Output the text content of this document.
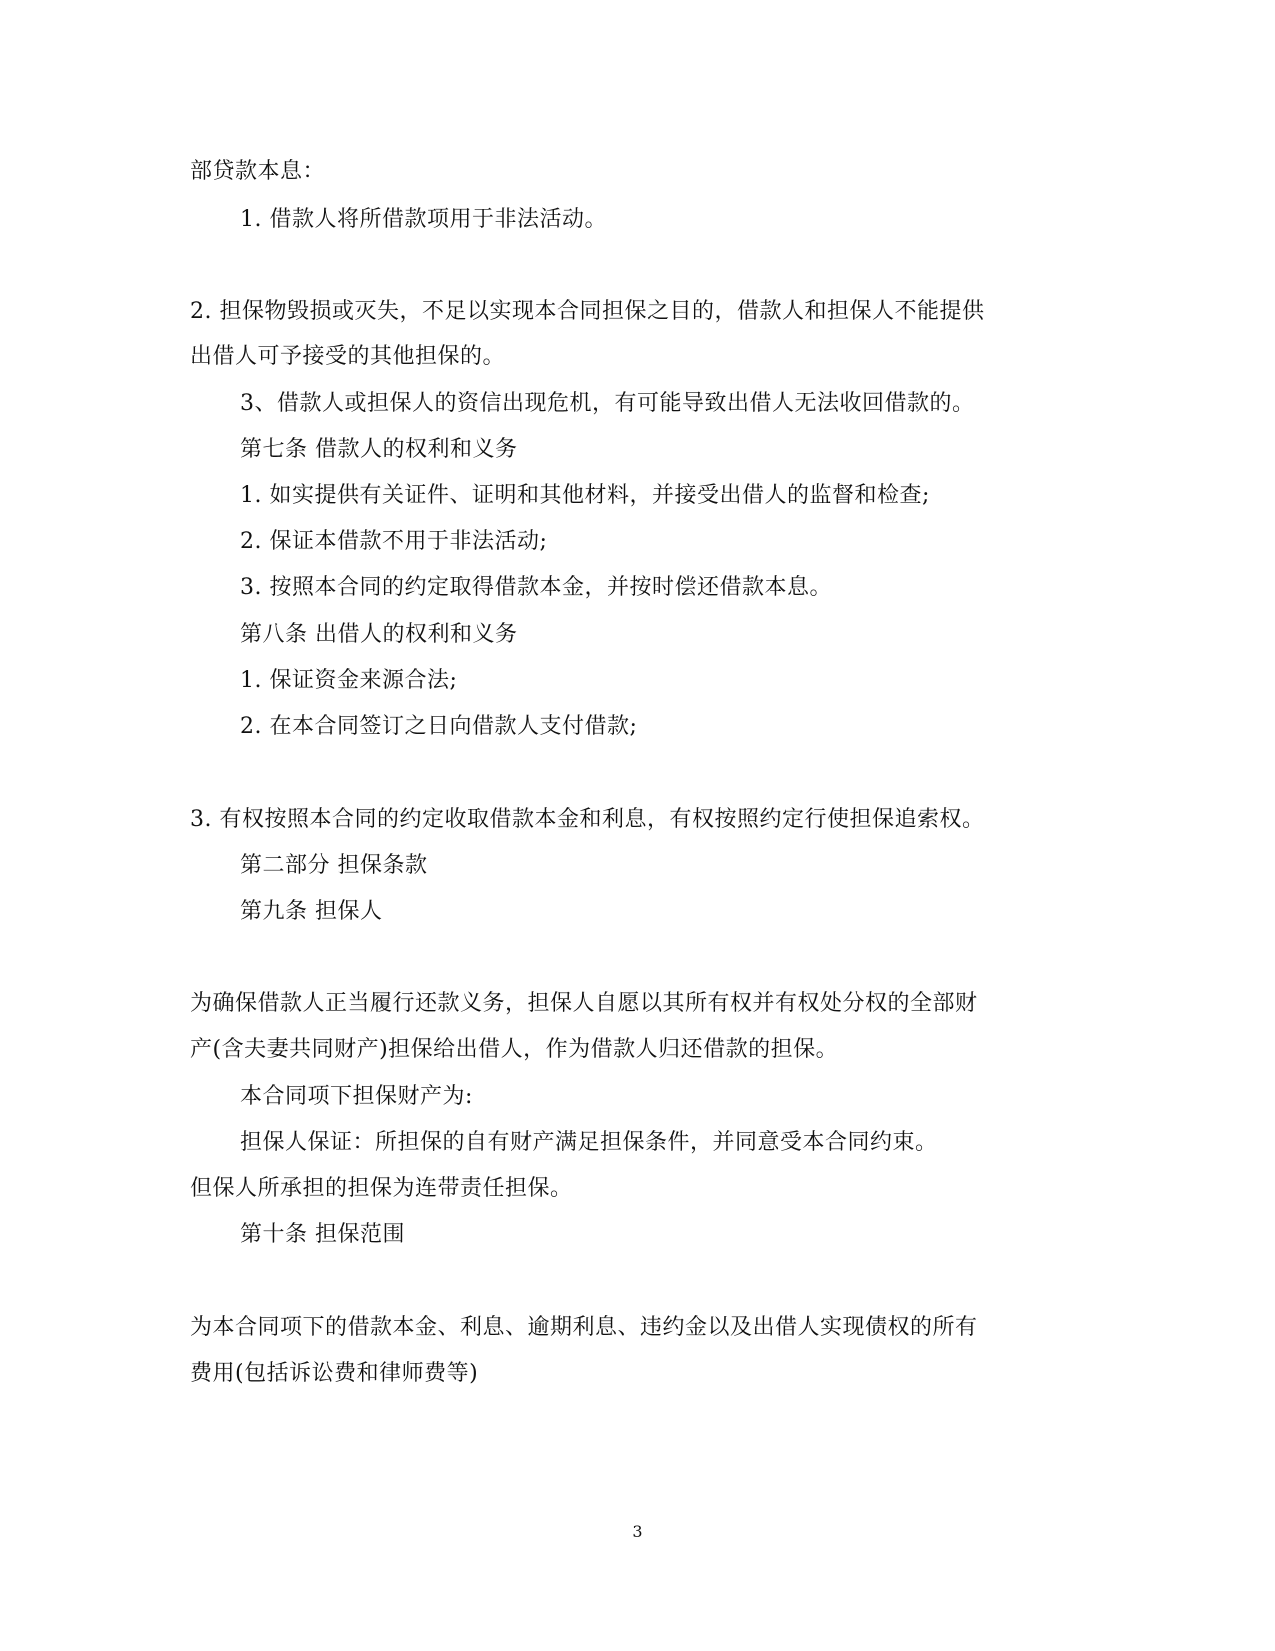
部贷款本息：
1. 借款人将所借款项用于非法活动。
2. 担保物毁损或灭失，不足以实现本合同担保之目的，借款人和担保人不能提供
出借人可予接受的其他担保的。
3、借款人或担保人的资信出现危机，有可能导致出借人无法收回借款的。
第七条 借款人的权利和义务
1. 如实提供有关证件、证明和其他材料，并接受出借人的监督和检查;
2. 保证本借款不用于非法活动;
3. 按照本合同的约定取得借款本金，并按时偿还借款本息。
第八条 出借人的权利和义务
1. 保证资金来源合法;
2. 在本合同签订之日向借款人支付借款;
3. 有权按照本合同的约定收取借款本金和利息，有权按照约定行使担保追索权。
第二部分 担保条款
第九条 担保人
为确保借款人正当履行还款义务，担保人自愿以其所有权并有权处分权的全部财
产(含夫妻共同财产)担保给出借人，作为借款人归还借款的担保。
本合同项下担保财产为:
担保人保证：所担保的自有财产满足担保条件，并同意受本合同约束。
但保人所承担的担保为连带责任担保。
第十条 担保范围
为本合同项下的借款本金、利息、逾期利息、违约金以及出借人实现债权的所有
费用(包括诉讼费和律师费等)
3
